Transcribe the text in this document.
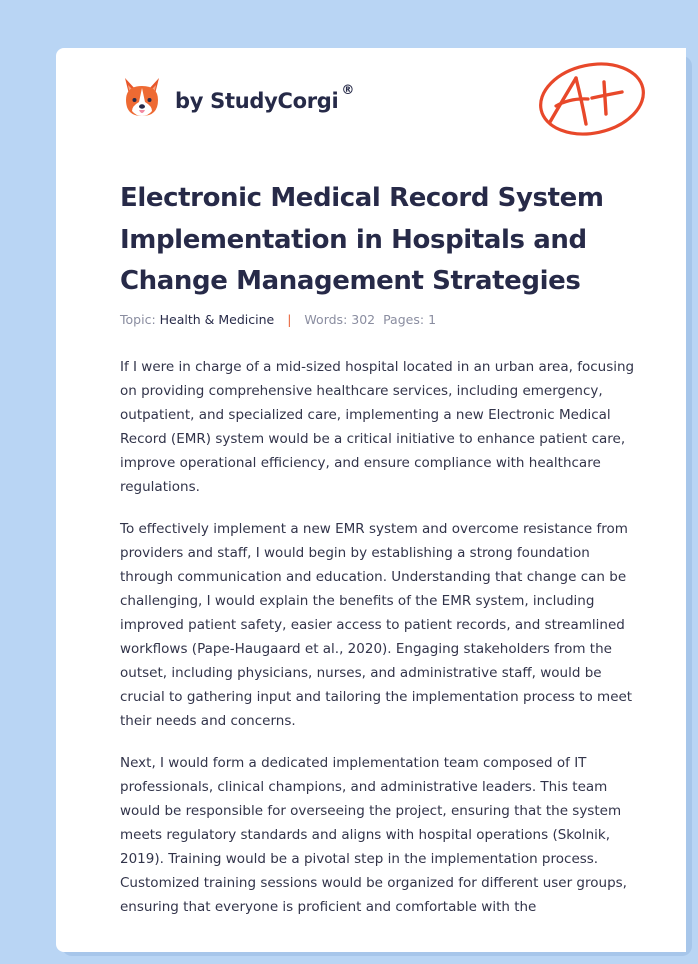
by StudyCorgi ®
Electronic Medical Record System Implementation in Hospitals and Change Management Strategies
Topic: Health & Medicine | Words: 302 Pages: 1

If I were in charge of a mid-sized hospital located in an urban area, focusing on providing comprehensive healthcare services, including emergency, outpatient, and specialized care, implementing a new Electronic Medical Record (EMR) system would be a critical initiative to enhance patient care, improve operational efficiency, and ensure compliance with healthcare regulations.

To effectively implement a new EMR system and overcome resistance from providers and staff, I would begin by establishing a strong foundation through communication and education. Understanding that change can be challenging, I would explain the benefits of the EMR system, including improved patient safety, easier access to patient records, and streamlined workflows (Pape-Haugaard et al., 2020). Engaging stakeholders from the outset, including physicians, nurses, and administrative staff, would be crucial to gathering input and tailoring the implementation process to meet their needs and concerns.

Next, I would form a dedicated implementation team composed of IT professionals, clinical champions, and administrative leaders. This team would be responsible for overseeing the project, ensuring that the system meets regulatory standards and aligns with hospital operations (Skolnik, 2019). Training would be a pivotal step in the implementation process. Customized training sessions would be organized for different user groups, ensuring that everyone is proficient and comfortable with the
